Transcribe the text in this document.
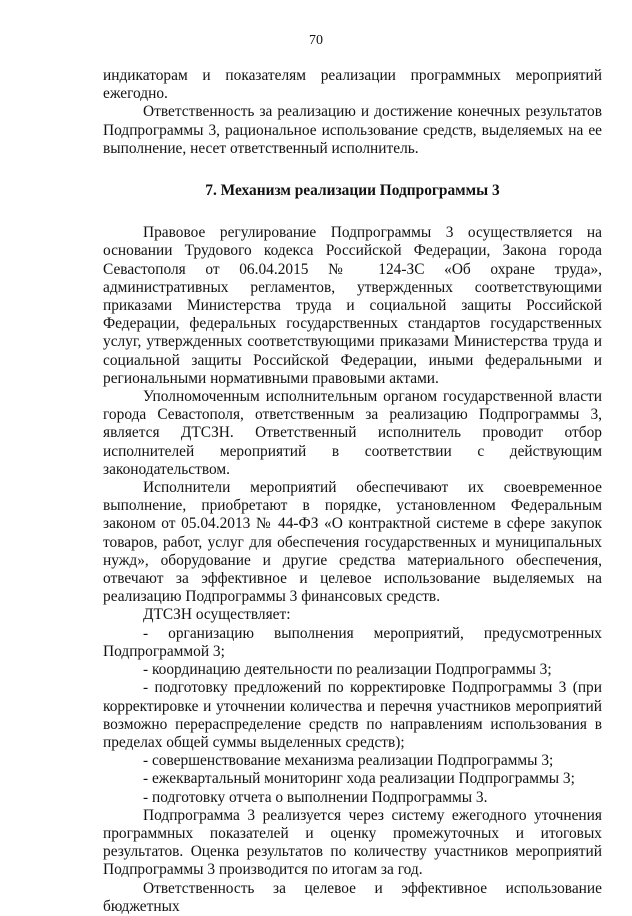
70

индикаторам и показателям реализации программных мероприятий ежегодно.

Ответственность за реализацию и достижение конечных результатов Подпрограммы 3, рациональное использование средств, выделяемых на ее выполнение, несет ответственный исполнитель.

7. Механизм реализации Подпрограммы 3

Правовое регулирование Подпрограммы 3 осуществляется на основании Трудового кодекса Российской Федерации, Закона города Севастополя от 06.04.2015 № 124-ЗС «Об охране труда», административных регламентов, утвержденных соответствующими приказами Министерства труда и социальной защиты Российской Федерации, федеральных государственных стандартов государственных услуг, утвержденных соответствующими приказами Министерства труда и социальной защиты Российской Федерации, иными федеральными и региональными нормативными правовыми актами.

Уполномоченным исполнительным органом государственной власти города Севастополя, ответственным за реализацию Подпрограммы 3, является ДТСЗН. Ответственный исполнитель проводит отбор исполнителей мероприятий в соответствии с действующим законодательством.

Исполнители мероприятий обеспечивают их своевременное выполнение, приобретают в порядке, установленном Федеральным законом от 05.04.2013 № 44-ФЗ «О контрактной системе в сфере закупок товаров, работ, услуг для обеспечения государственных и муниципальных нужд», оборудование и другие средства материального обеспечения, отвечают за эффективное и целевое использование выделяемых на реализацию Подпрограммы 3 финансовых средств.

ДТСЗН осуществляет:

- организацию выполнения мероприятий, предусмотренных Подпрограммой 3;

- координацию деятельности по реализации Подпрограммы 3;

- подготовку предложений по корректировке Подпрограммы 3 (при корректировке и уточнении количества и перечня участников мероприятий возможно перераспределение средств по направлениям использования в пределах общей суммы выделенных средств);

- совершенствование механизма реализации Подпрограммы 3;

- ежеквартальный мониторинг хода реализации Подпрограммы 3;

- подготовку отчета о выполнении Подпрограммы 3.

Подпрограмма 3 реализуется через систему ежегодного уточнения программных показателей и оценку промежуточных и итоговых результатов. Оценка результатов по количеству участников мероприятий Подпрограммы 3 производится по итогам за год.

Ответственность за целевое и эффективное использование бюджетных
